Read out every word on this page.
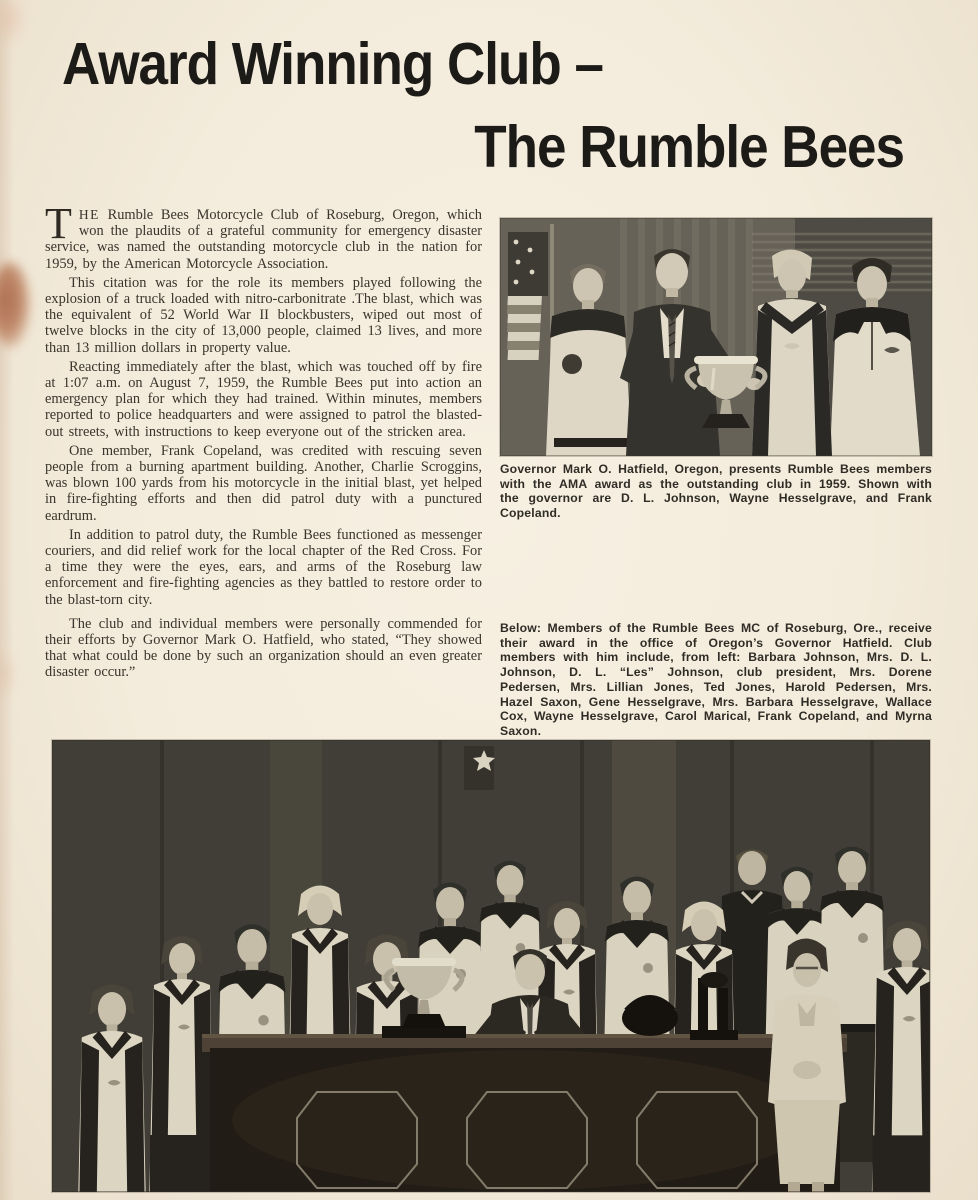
Award Winning Club –
The Rumble Bees

THE Rumble Bees Motorcycle Club of Roseburg, Oregon, which won the plaudits of a grateful community for emergency disaster service, was named the outstanding motorcycle club in the nation for 1959, by the American Motorcycle Association.

This citation was for the role its members played following the explosion of a truck loaded with nitro-carbonitrate .The blast, which was the equivalent of 52 World War II blockbusters, wiped out most of twelve blocks in the city of 13,000 people, claimed 13 lives, and more than 13 million dollars in property value.

Reacting immediately after the blast, which was touched off by fire at 1:07 a.m. on August 7, 1959, the Rumble Bees put into action an emergency plan for which they had trained. Within minutes, members reported to police headquarters and were assigned to patrol the blasted-out streets, with instructions to keep everyone out of the stricken area.

One member, Frank Copeland, was credited with rescuing seven people from a burning apartment building. Another, Charlie Scroggins, was blown 100 yards from his motorcycle in the initial blast, yet helped in fire-fighting efforts and then did patrol duty with a punctured eardrum.

In addition to patrol duty, the Rumble Bees functioned as messenger couriers, and did relief work for the local chapter of the Red Cross. For a time they were the eyes, ears, and arms of the Roseburg law enforcement and fire-fighting agencies as they battled to restore order to the blast-torn city.

The club and individual members were personally commended for their efforts by Governor Mark O. Hatfield, who stated, “They showed that what could be done by such an organization should an even greater disaster occur.”

Governor Mark O. Hatfield, Oregon, presents Rumble Bees members with the AMA award as the outstanding club in 1959. Shown with the governor are D. L. Johnson, Wayne Hesselgrave, and Frank Copeland.
Below: Members of the Rumble Bees MC of Roseburg, Ore., receive their award in the office of Oregon’s Governor Hatfield. Club members with him include, from left: Barbara Johnson, Mrs. D. L. Johnson, D. L. “Les” Johnson, club president, Mrs. Dorene Pedersen, Mrs. Lillian Jones, Ted Jones, Harold Pedersen, Mrs. Hazel Saxon, Gene Hesselgrave, Mrs. Barbara Hesselgrave, Wallace Cox, Wayne Hesselgrave, Carol Marical, Frank Copeland, and Myrna Saxon.
